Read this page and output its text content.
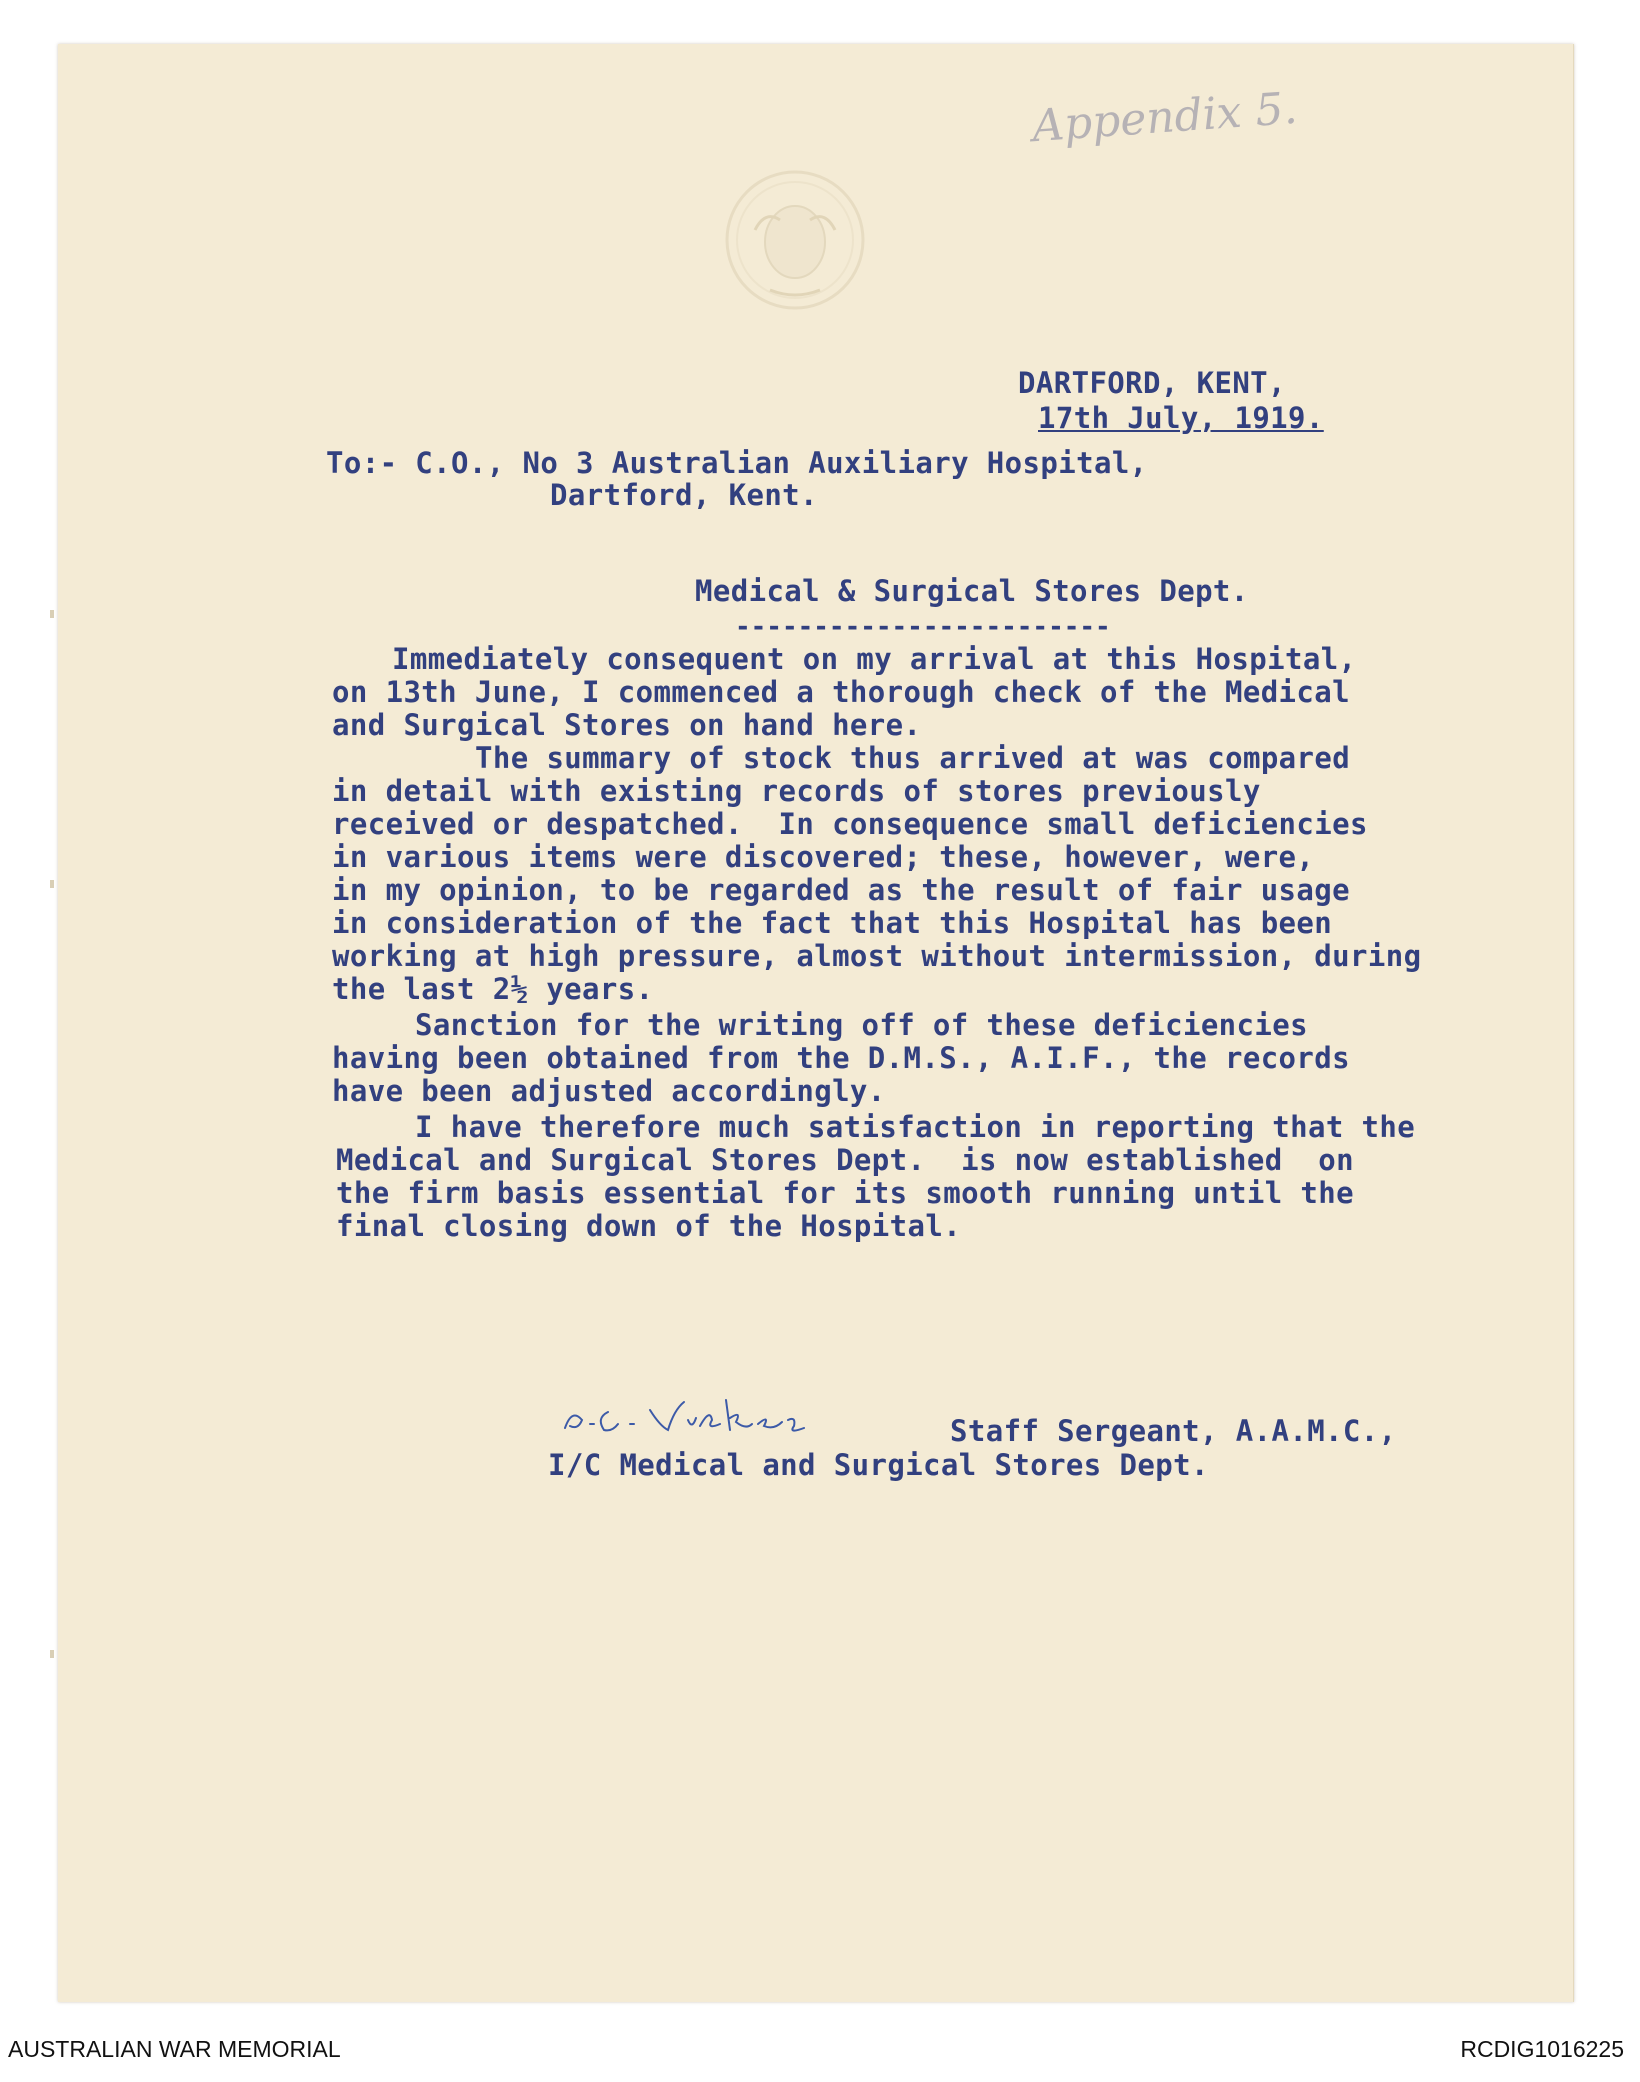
Appendix 5.
DARTFORD, KENT,
17th July, 1919.
To:- C.O., No 3 Australian Auxiliary Hospital,
Dartford, Kent.
Medical & Surgical Stores Dept.
------------------------
Immediately consequent on my arrival at this Hospital,
on 13th June, I commenced a thorough check of the Medical
and Surgical Stores on hand here.
The summary of stock thus arrived at was compared
in detail with existing records of stores previously
received or despatched.  In consequence small deficiencies
in various items were discovered; these, however, were,
in my opinion, to be regarded as the result of fair usage
in consideration of the fact that this Hospital has been
working at high pressure, almost without intermission, during
the last 2½ years.
Sanction for the writing off of these deficiencies
having been obtained from the D.M.S., A.I.F., the records
have been adjusted accordingly.
I have therefore much satisfaction in reporting that the
Medical and Surgical Stores Dept.  is now established  on
the firm basis essential for its smooth running until the
final closing down of the Hospital.
Staff Sergeant, A.A.M.C.,
I/C Medical and Surgical Stores Dept.
AUSTRALIAN WAR MEMORIAL	RCDIG1016225
